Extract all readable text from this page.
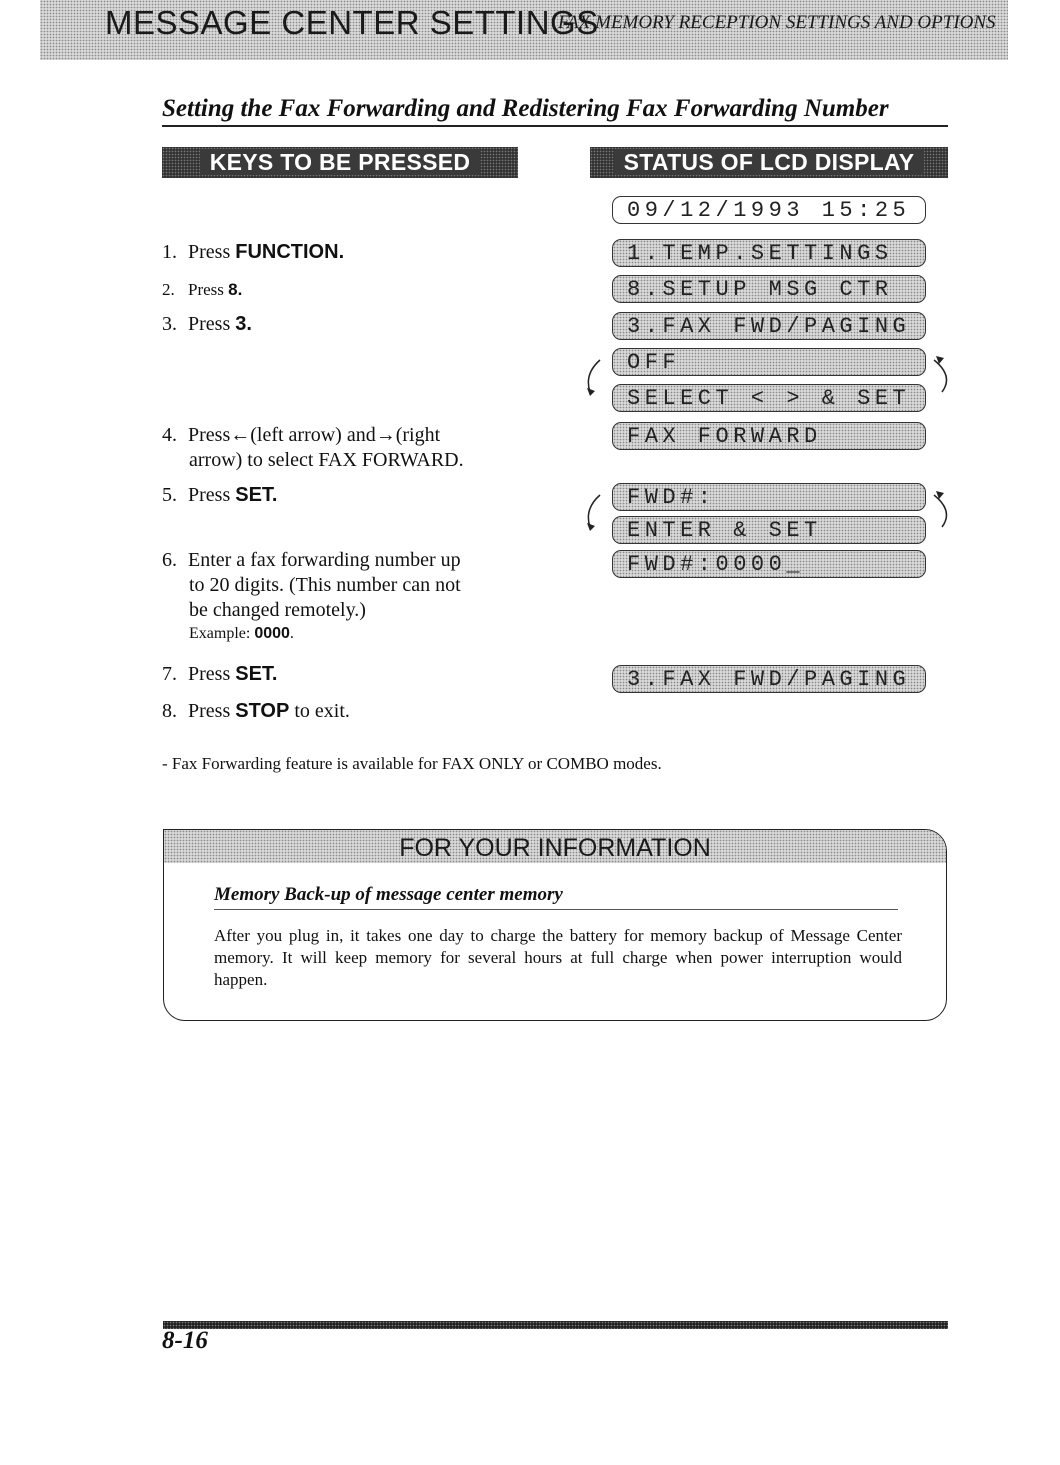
MESSAGE CENTER SETTINGS
FAX MEMORY RECEPTION SETTINGS AND OPTIONS
Setting the Fax Forwarding and Redistering Fax Forwarding Number
KEYS TO BE PRESSED	STATUS OF LCD DISPLAY
1. Press FUNCTION.
2. Press 8.
3. Press 3.
4. Press←(left arrow) and→(right
arrow) to select FAX FORWARD.
5. Press SET.
6. Enter a fax forwarding number up
to 20 digits. (This number can not
be changed remotely.)
Example: 0000.
7. Press SET.
8. Press STOP to exit.
09/12/1993 15:25
1.TEMP.SETTINGS
8.SETUP MSG CTR
3.FAX FWD/PAGING
OFF
SELECT < > & SET
FAX FORWARD
FWD#:
ENTER & SET
FWD#:0000_
3.FAX FWD/PAGING
- Fax Forwarding feature is available for FAX ONLY or COMBO modes.
FOR YOUR INFORMATION
Memory Back-up of message center memory
After you plug in, it takes one day to charge the battery for memory backup of Message Center memory. It will keep memory for several hours at full charge when power interruption would happen.
8-16
